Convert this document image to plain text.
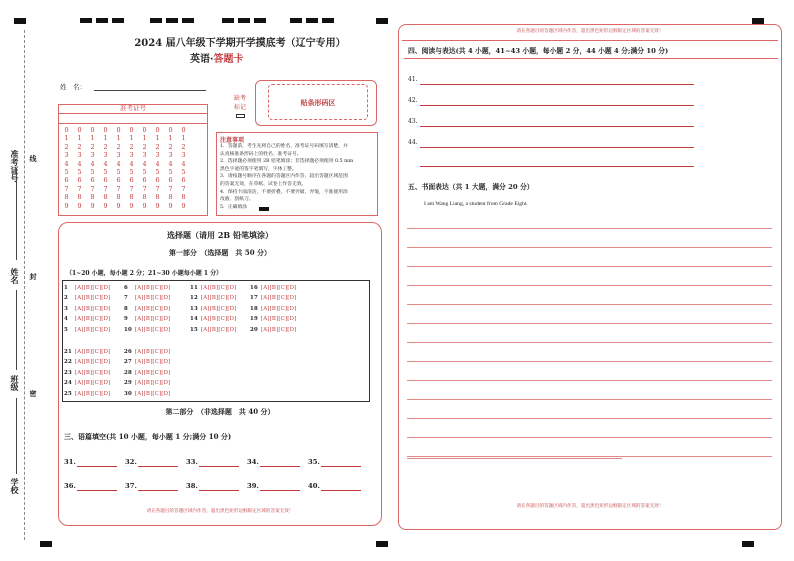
准考证号 线
姓名 封
班级
密
学校
2024 届八年级下学期开学摸底考（辽宁专用）
英语·答题卡
姓　名：
准考证号
0	0	0	0	0	0	0	0	0	0
1	1	1	1	1	1	1	1	1	1
2	2	2	2	2	2	2	2	2	2
3	3	3	3	3	3	3	3	3	3
4	4	4	4	4	4	4	4	4	4
5	5	5	5	5	5	5	5	5	5
6	6	6	6	6	6	6	6	6	6
7	7	7	7	7	7	7	7	7	7
8	8	8	8	8	8	8	8	8	8
9	9	9	9	9	9	9	9	9	9
缺考
标记
贴条形码区
注意事项
1．答题前，考生先将自己的姓名，准考证号码填写清楚，并
认真核准条形码上的姓名、准考证号。
2．选择题必须使用 2B 铅笔填涂；非选择题必须使用 0.5 mm
黑色字迹的签字笔填写，字体工整。
3．请按题号顺序在各题的答题区内作答，超出答题区域范围
的答案无效，在草纸、试卷上作答无效。
4．保持卡面清洁，不要折叠、不要弄破、弄皱，不准使用涂
改液、刮纸刀。
5．正确填涂
选择题（请用 2B 铅笔填涂）
第一部分　（选择题　共 50 分）
（1~20 小题，每小题 2 分；21~30 小题每小题 1 分）
1 [A][B][C][D]
2 [A][B][C][D]
3 [A][B][C][D]
4 [A][B][C][D]
5 [A][B][C][D]
6 [A][B][C][D]
7 [A][B][C][D]
8 [A][B][C][D]
9 [A][B][C][D]
10 [A][B][C][D]
11 [A][B][C][D]
12 [A][B][C][D]
13 [A][B][C][D]
14 [A][B][C][D]
15 [A][B][C][D]
16 [A][B][C][D]
17 [A][B][C][D]
18 [A][B][C][D]
19 [A][B][C][D]
20 [A][B][C][D]
21 [A][B][C][D]
22 [A][B][C][D]
23 [A][B][C][D]
24 [A][B][C][D]
25 [A][B][C][D]
26 [A][B][C][D]
27 [A][B][C][D]
28 [A][B][C][D]
29 [A][B][C][D]
30 [A][B][C][D]
第二部分　（非选择题　共 40 分）
三、语篇填空(共 10 小题，每小题 1 分;满分 10 分)
31.	32.	33.	34.	35.
36.	37.	38.	39.	40.
请在各题目的答题区域内作答，超出黑色矩形边框限定区域的答案无效！
请在各题目的答题区域内作答，超出黑色矩形边框限定区域的答案无效！
四、阅读与表达(共 4 小题，41~43 小题，每小题 2 分，44 小题 4 分;满分 10 分)
41.
42.
43.
44.
五、书面表达（共 1 大题，满分 20 分）
I am Wang Liang, a student from Grade Eight.
请在各题目的答题区域内作答，超出黑色矩形边框限定区域的答案无效！
